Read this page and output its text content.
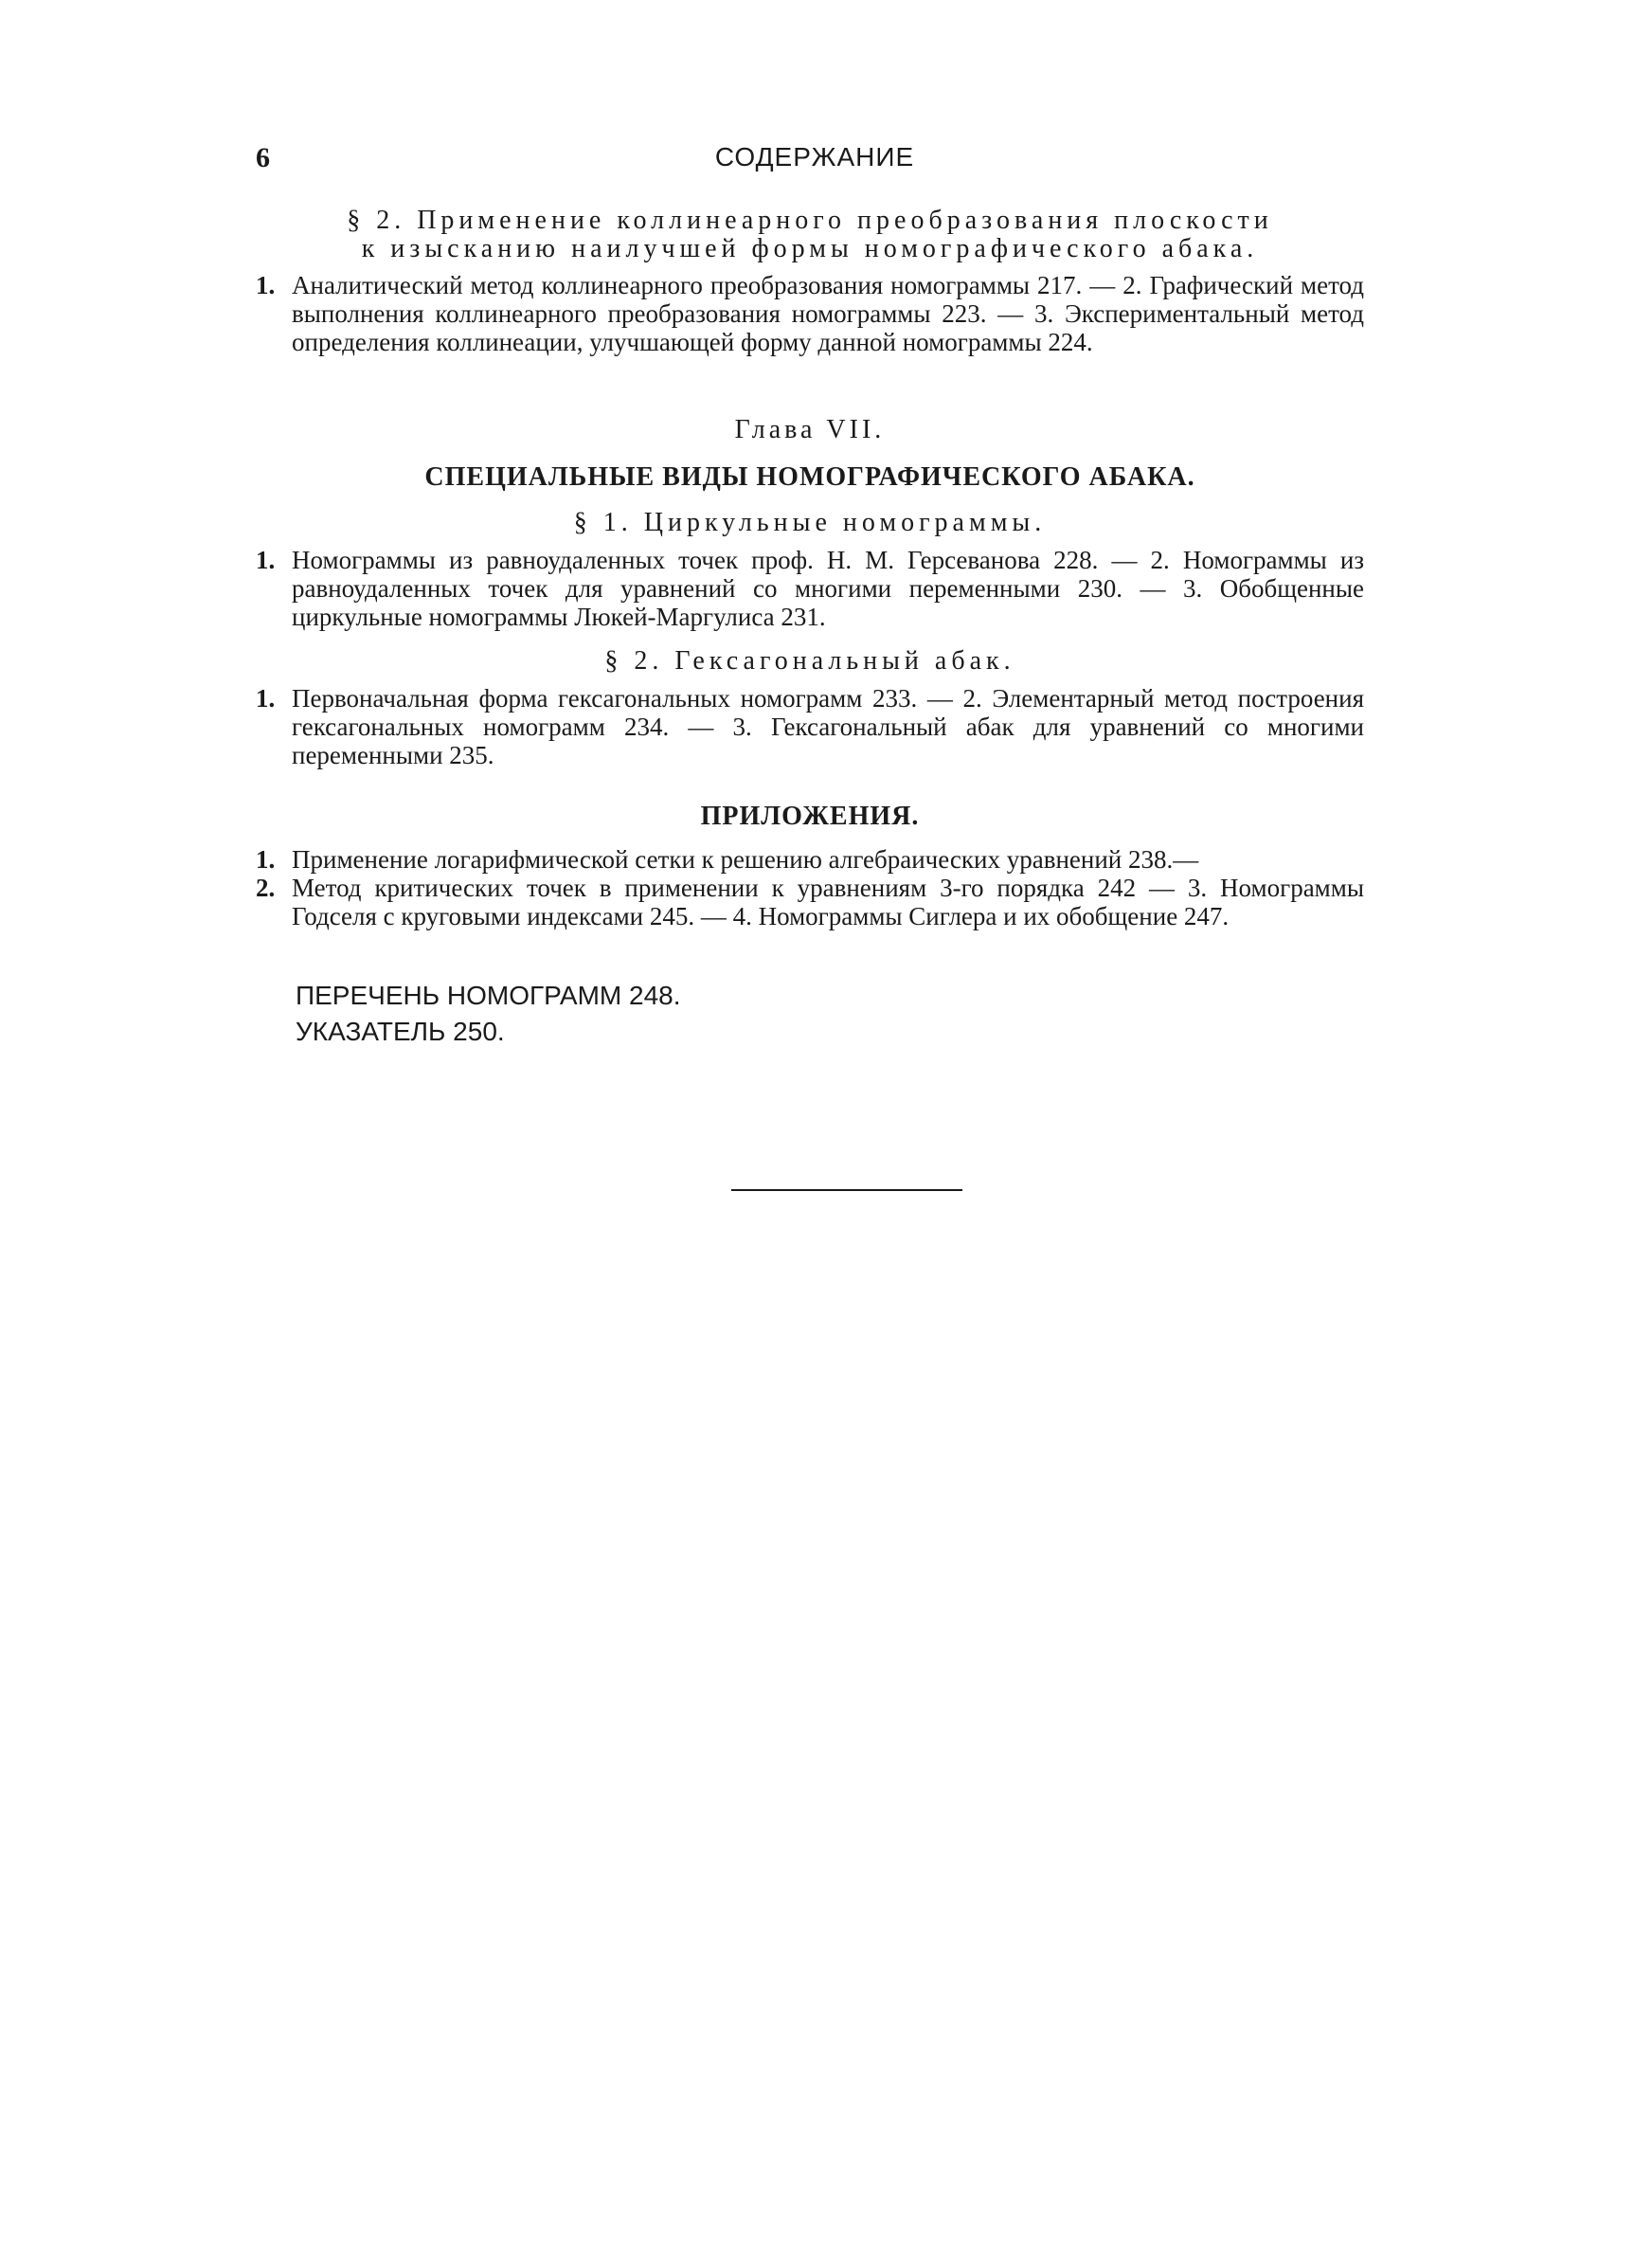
6	СОДЕРЖАНИЕ

§ 2. Применение коллинеарного преобразования плоскости

к изысканию наилучшей формы номографического абака.

1. Аналитический метод коллинеарного преобразования номограммы 217. — 2. Графический метод выполнения коллинеарного преобразования номограммы 223. — 3. Экспериментальный метод определения коллинеации, улучшающей форму данной номограммы 224.
Глава VII.
СПЕЦИАЛЬНЫЕ ВИДЫ НОМОГРАФИЧЕСКОГО АБАКА.
§ 1. Циркульные номограммы.
1. Номограммы из равноудаленных точек проф. Н. М. Герсеванова 228. — 2. Номограммы из равноудаленных точек для уравнений со многими переменными 230. — 3. Обобщенные циркульные номограммы Люкей-Маргулиса 231.
§ 2. Гексагональный абак.
1. Первоначальная форма гексагональных номограмм 233. — 2. Элементарный метод построения гексагональных номограмм 234. — 3. Гексагональный абак для уравнений со многими переменными 235.
ПРИЛОЖЕНИЯ.
1. Применение логарифмической сетки к решению алгебраических уравнений 238.—
2. Метод критических точек в применении к уравнениям 3-го порядка 242 — 3. Номограммы Годселя с круговыми индексами 245. — 4. Номограммы Сиглера и их обобщение 247.
ПЕРЕЧЕНЬ НОМОГРАММ 248.
УКАЗАТЕЛЬ 250.
